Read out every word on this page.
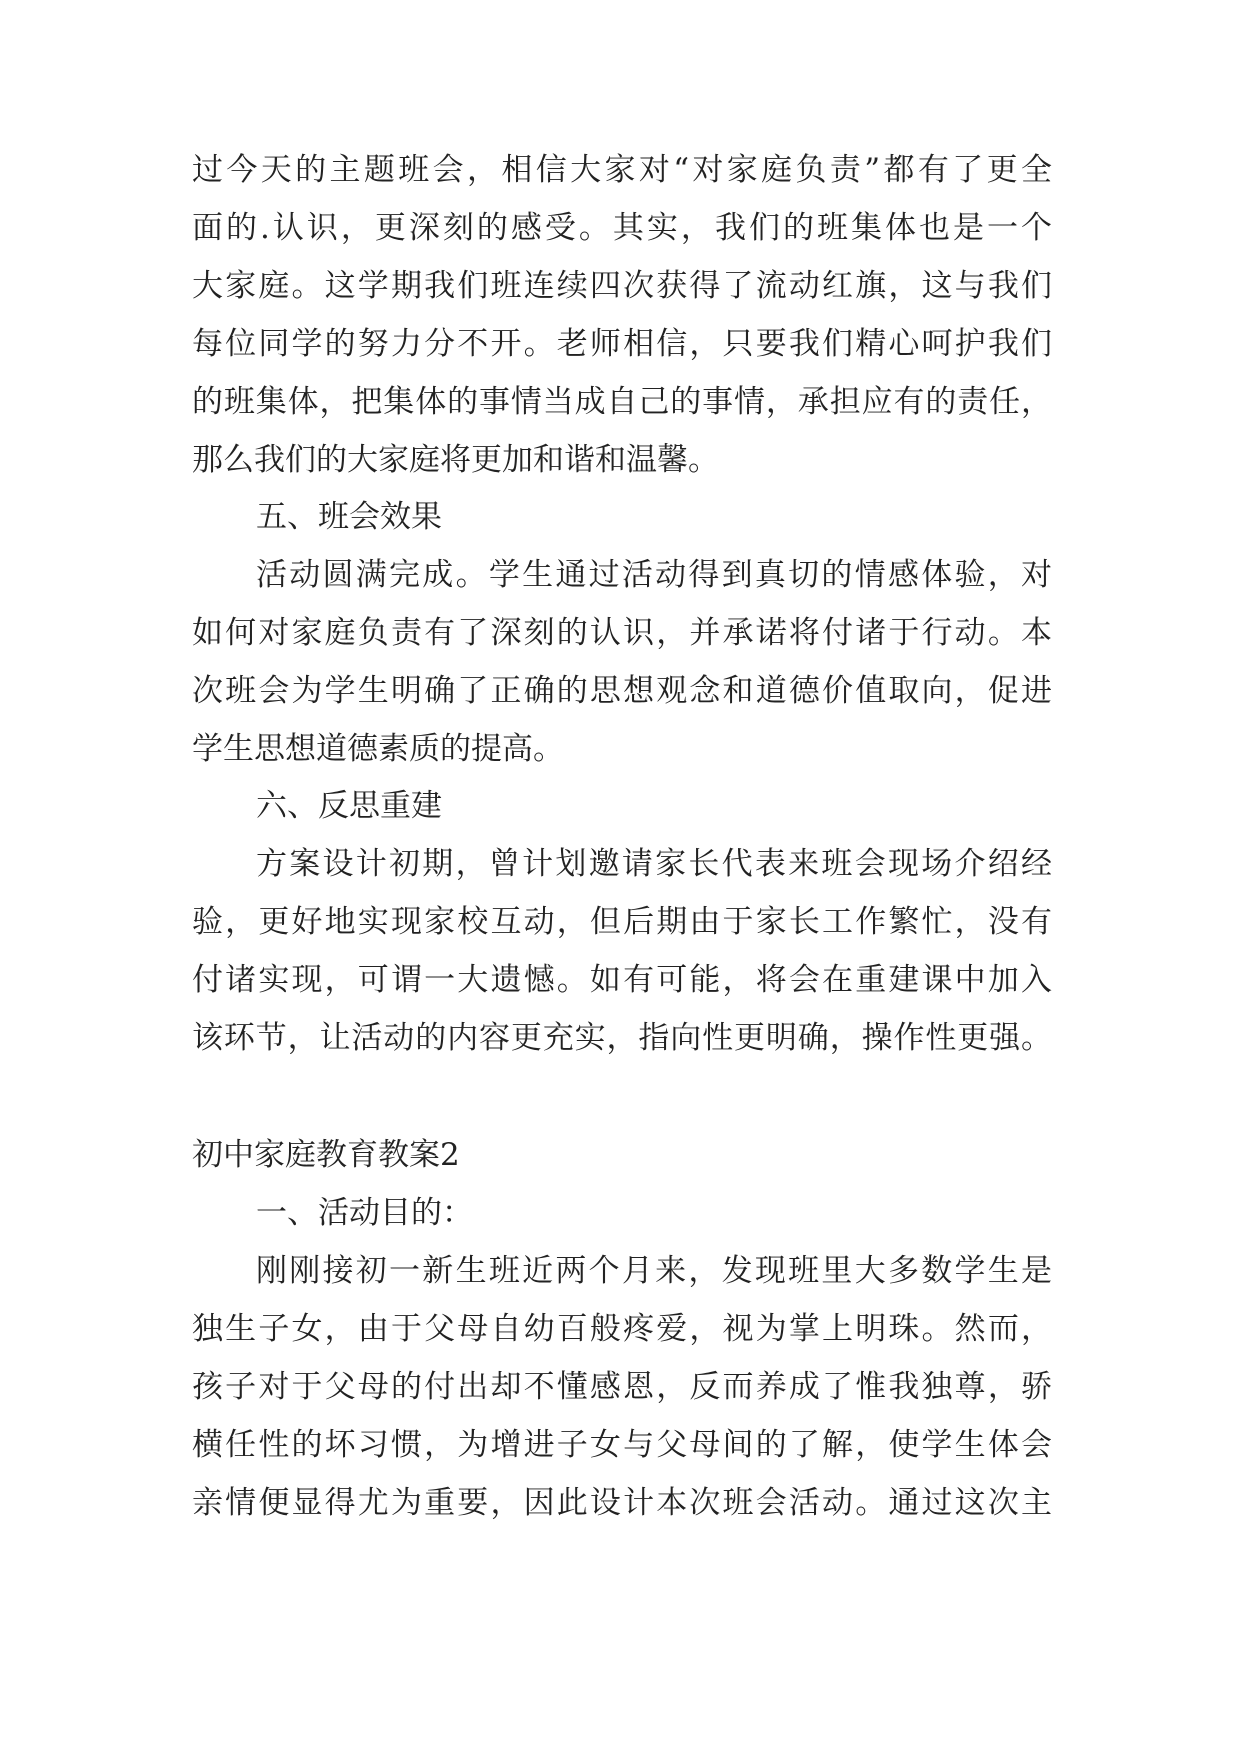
过今天的主题班会，相信大家对“对家庭负责”都有了更全
面的.认识，更深刻的感受。其实，我们的班集体也是一个
大家庭。这学期我们班连续四次获得了流动红旗，这与我们
每位同学的努力分不开。老师相信，只要我们精心呵护我们
的班集体，把集体的事情当成自己的事情，承担应有的责任，
那么我们的大家庭将更加和谐和温馨。
五、班会效果
活动圆满完成。学生通过活动得到真切的情感体验，对
如何对家庭负责有了深刻的认识，并承诺将付诸于行动。本
次班会为学生明确了正确的思想观念和道德价值取向，促进
学生思想道德素质的提高。
六、反思重建
方案设计初期，曾计划邀请家长代表来班会现场介绍经
验，更好地实现家校互动，但后期由于家长工作繁忙，没有
付诸实现，可谓一大遗憾。如有可能，将会在重建课中加入
该环节，让活动的内容更充实，指向性更明确，操作性更强。
初中家庭教育教案2
一、活动目的：
刚刚接初一新生班近两个月来，发现班里大多数学生是
独生子女，由于父母自幼百般疼爱，视为掌上明珠。然而，
孩子对于父母的付出却不懂感恩，反而养成了惟我独尊，骄
横任性的坏习惯，为增进子女与父母间的了解，使学生体会
亲情便显得尤为重要，因此设计本次班会活动。通过这次主
